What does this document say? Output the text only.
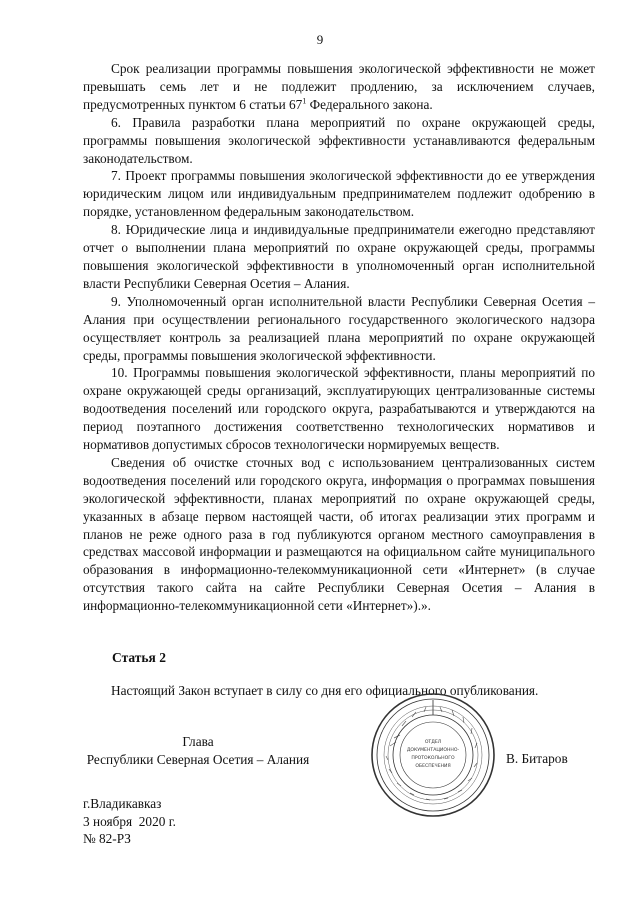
9

Срок реализации программы повышения экологической эффективности не может превышать семь лет и не подлежит продлению, за исключением случаев, предусмотренных пунктом 6 статьи $67^1$ Федерального закона.

6. Правила разработки плана мероприятий по охране окружающей среды, программы повышения экологической эффективности устанавливаются федеральным законодательством.

7. Проект программы повышения экологической эффективности до ее утверждения юридическим лицом или индивидуальным предпринимателем подлежит одобрению в порядке, установленном федеральным законодательством.

8. Юридические лица и индивидуальные предприниматели ежегодно представляют отчет о выполнении плана мероприятий по охране окружающей среды, программы повышения экологической эффективности в уполномоченный орган исполнительной власти Республики Северная Осетия – Алания.

9. Уполномоченный орган исполнительной власти Республики Северная Осетия – Алания при осуществлении регионального государственного экологического надзора осуществляет контроль за реализацией плана мероприятий по охране окружающей среды, программы повышения экологической эффективности.

10. Программы повышения экологической эффективности, планы мероприятий по охране окружающей среды организаций, эксплуатирующих централизованные системы водоотведения поселений или городского округа, разрабатываются и утверждаются на период поэтапного достижения соответственно технологических нормативов и нормативов допустимых сбросов технологически нормируемых веществ.

Сведения об очистке сточных вод с использованием централизованных систем водоотведения поселений или городского округа, информация о программах повышения экологической эффективности, планах мероприятий по охране окружающей среды, указанных в абзаце первом настоящей части, об итогах реализации этих программ и планов не реже одного раза в год публикуются органом местного самоуправления в средствах массовой информации и размещаются на официальном сайте муниципального образования в информационно-телекоммуникационной сети «Интернет» (в случае отсутствия такого сайта на сайте Республики Северная Осетия – Алания в информационно-телекоммуникационной сети «Интернет»).».

Статья 2
Настоящий Закон вступает в силу со дня его официального опубликования.
ОТДЕЛ
ДОКУМЕНТАЦИОННО-
ПРОТОКОЛЬНОГО
ОБЕСПЕЧЕНИЯ
Глава
Республики Северная Осетия – Алания	В. Битаров
г.Владикавказ
3 ноября  2020 г.
№ 82-РЗ
